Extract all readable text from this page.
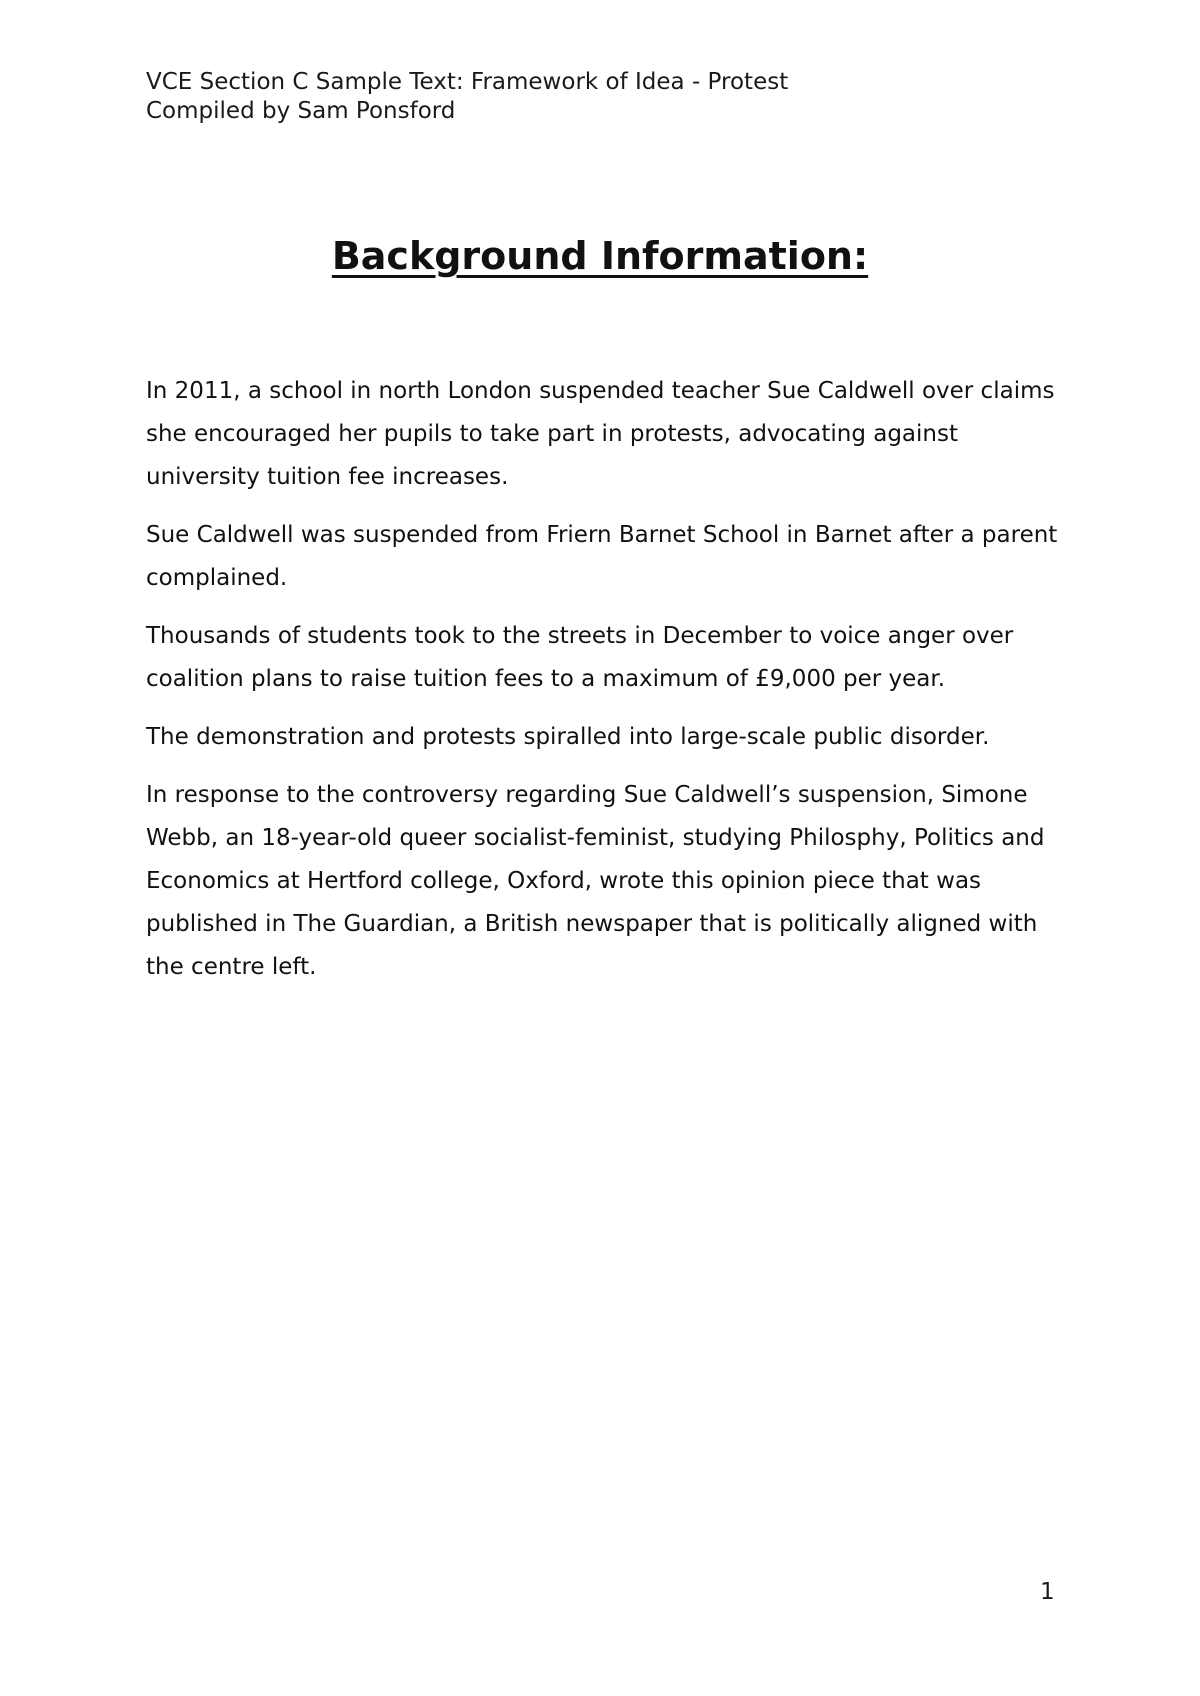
VCE Section C Sample Text: Framework of Idea - Protest
Compiled by Sam Ponsford
Background Information:

In 2011, a school in north London suspended teacher Sue Caldwell over claims she encouraged her pupils to take part in protests, advocating against university tuition fee increases.

Sue Caldwell was suspended from Friern Barnet School in Barnet after a parent complained.

Thousands of students took to the streets in December to voice anger over coalition plans to raise tuition fees to a maximum of £9,000 per year.

The demonstration and protests spiralled into large-scale public disorder.

In response to the controversy regarding Sue Caldwell’s suspension, Simone Webb, an 18-year-old queer socialist-feminist, studying Philosphy, Politics and Economics at Hertford college, Oxford, wrote this opinion piece that was published in The Guardian, a British newspaper that is politically aligned with the centre left.

1
